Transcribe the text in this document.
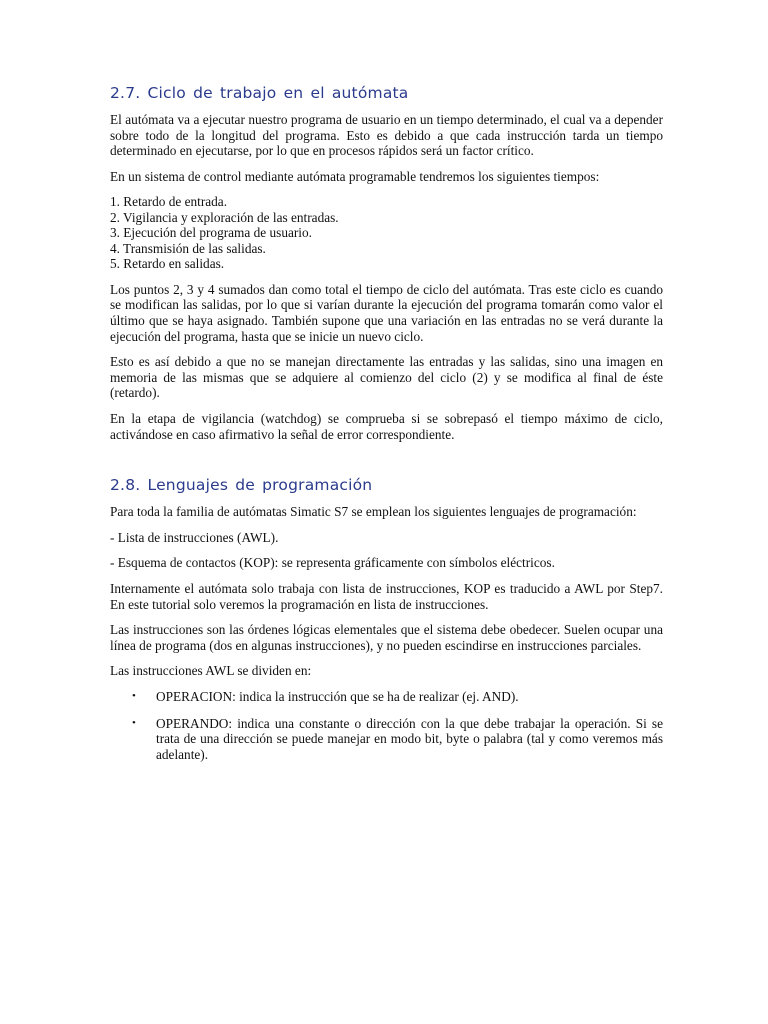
2.7. Ciclo de trabajo en el autómata

El autómata va a ejecutar nuestro programa de usuario en un tiempo determinado, el cual va a depender sobre todo de la longitud del programa. Esto es debido a que cada instrucción tarda un tiempo determinado en ejecutarse, por lo que en procesos rápidos será un factor crítico.

En un sistema de control mediante autómata programable tendremos los siguientes tiempos:

1. Retardo de entrada.
2. Vigilancia y exploración de las entradas.
3. Ejecución del programa de usuario.
4. Transmisión de las salidas.
5. Retardo en salidas.

Los puntos 2, 3 y 4 sumados dan como total el tiempo de ciclo del autómata. Tras este ciclo es cuando se modifican las salidas, por lo que si varían durante la ejecución del programa tomarán como valor el último que se haya asignado. También supone que una variación en las entradas no se verá durante la ejecución del programa, hasta que se inicie un nuevo ciclo.

Esto es así debido a que no se manejan directamente las entradas y las salidas, sino una imagen en memoria de las mismas que se adquiere al comienzo del ciclo (2) y se modifica al final de éste (retardo).

En la etapa de vigilancia (watchdog) se comprueba si se sobrepasó el tiempo máximo de ciclo, activándose en caso afirmativo la señal de error correspondiente.

2.8. Lenguajes de programación

Para toda la familia de autómatas Simatic S7 se emplean los siguientes lenguajes de programación:

- Lista de instrucciones (AWL).

- Esquema de contactos (KOP): se representa gráficamente con símbolos eléctricos.

Internamente el autómata solo trabaja con lista de instrucciones, KOP es traducido a AWL por Step7. En este tutorial solo veremos la programación en lista de instrucciones.

Las instrucciones son las órdenes lógicas elementales que el sistema debe obedecer. Suelen ocupar una línea de programa (dos en algunas instrucciones), y no pueden escindirse en instrucciones parciales.

Las instrucciones AWL se dividen en:

• OPERACION: indica la instrucción que se ha de realizar (ej. AND).
• OPERANDO: indica una constante o dirección con la que debe trabajar la operación. Si se trata de una dirección se puede manejar en modo bit, byte o palabra (tal y como veremos más adelante).
